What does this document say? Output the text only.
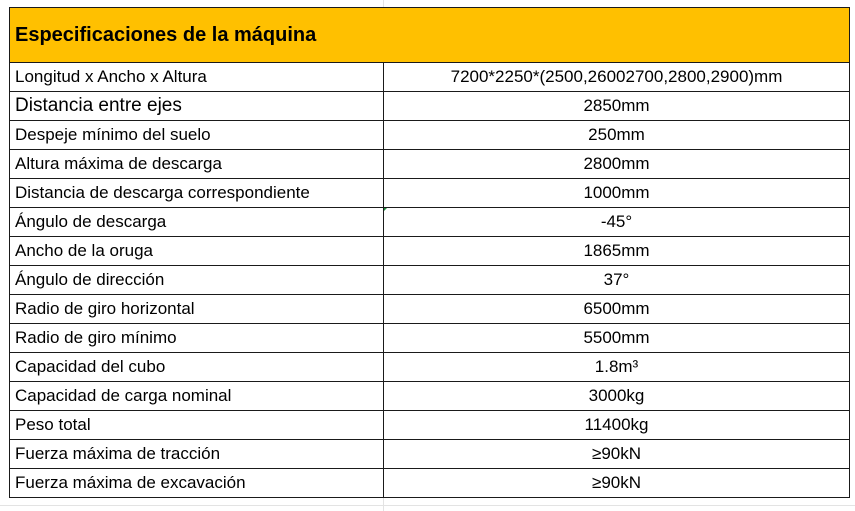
Especificaciones de la máquina	
Longitud x Ancho x Altura	7200*2250*(2500,26002700,2800,2900)mm
Distancia entre ejes	2850mm
Despeje mínimo del suelo	250mm
Altura máxima de descarga	2800mm
Distancia de descarga correspondiente	1000mm
Ángulo de descarga	-45°
Ancho de la oruga	1865mm
Ángulo de dirección	37°
Radio de giro horizontal	6500mm
Radio de giro mínimo	5500mm
Capacidad del cubo	1.8m³
Capacidad de carga nominal	3000kg
Peso total	11400kg
Fuerza máxima de tracción	≥90kN
Fuerza máxima de excavación	≥90kN
